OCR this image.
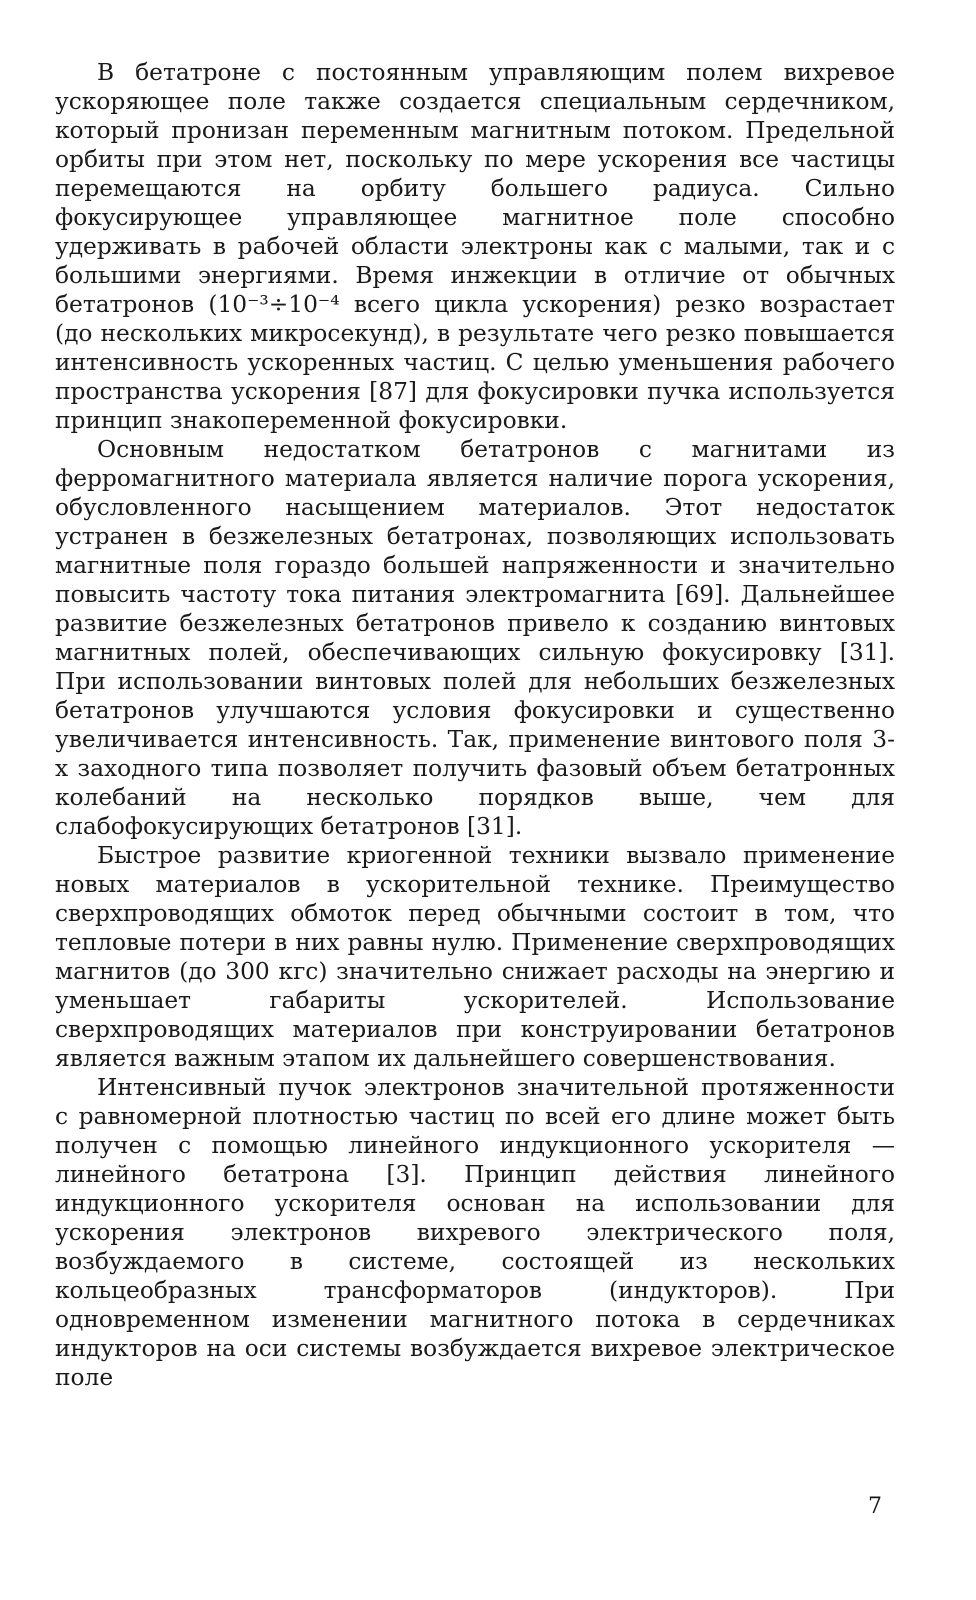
В бетатроне с постоянным управляющим полем вихревое ускоряющее поле также создается специальным сердечником, который пронизан переменным магнитным потоком. Предельной орбиты при этом нет, поскольку по мере ускорения все частицы перемещаются на орбиту большего радиуса. Сильно фокусирующее управляющее магнитное поле способно удерживать в рабочей области электроны как с малыми, так и с большими энергиями. Время инжекции в отличие от обычных бетатронов (10⁻³÷10⁻⁴ всего цикла ускорения) резко возрастает (до нескольких микросекунд), в результате чего резко повышается интенсивность ускоренных частиц. С целью уменьшения рабочего пространства ускорения [87] для фокусировки пучка используется принцип знакопеременной фокусировки.

Основным недостатком бетатронов с магнитами из ферромагнитного материала является наличие порога ускорения, обусловленного насыщением материалов. Этот недостаток устранен в безжелезных бетатронах, позволяющих использовать магнитные поля гораздо большей напряженности и значительно повысить частоту тока питания электромагнита [69]. Дальнейшее развитие безжелезных бетатронов привело к созданию винтовых магнитных полей, обеспечивающих сильную фокусировку [31]. При использовании винтовых полей для небольших безжелезных бетатронов улучшаются условия фокусировки и существенно увеличивается интенсивность. Так, применение винтового поля 3-х заходного типа позволяет получить фазовый объем бетатронных колебаний на несколько порядков выше, чем для слабофокусирующих бетатронов [31].

Быстрое развитие криогенной техники вызвало применение новых материалов в ускорительной технике. Преимущество сверхпроводящих обмоток перед обычными состоит в том, что тепловые потери в них равны нулю. Применение сверхпроводящих магнитов (до 300 кгс) значительно снижает расходы на энергию и уменьшает габариты ускорителей. Использование сверхпроводящих материалов при конструировании бетатронов является важным этапом их дальнейшего совершенствования.

Интенсивный пучок электронов значительной протяженности с равномерной плотностью частиц по всей его длине может быть получен с помощью линейного индукционного ускорителя — линейного бетатрона [3]. Принцип действия линейного индукционного ускорителя основан на использовании для ускорения электронов вихревого электрического поля, возбуждаемого в системе, состоящей из нескольких кольцеобразных трансформаторов (индукторов). При одновременном изменении магнитного потока в сердечниках индукторов на оси системы возбуждается вихревое электрическое поле

7
